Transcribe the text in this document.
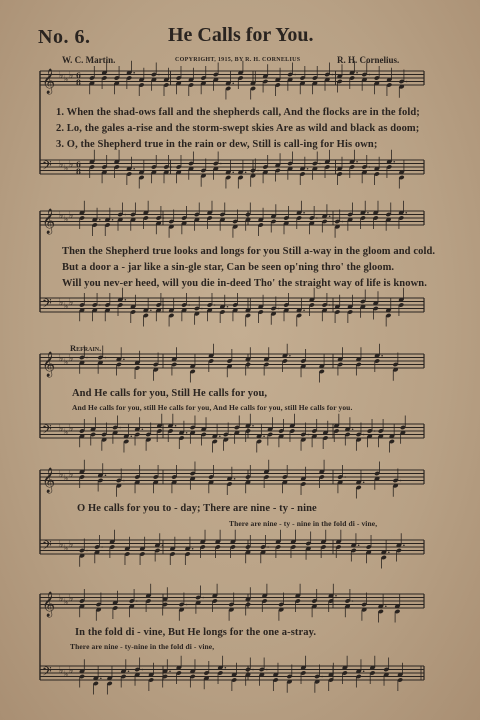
No. 6.	He Calls for You.
W. C. Martin.	COPYRIGHT, 1915, BY R. H. CORNELIUS	R. H. Cornelius.
𝄞 ♭ ♭ ♭ 6
8
𝄢 ♭ ♭ ♭ 6
8
𝄞 ♭ ♭ ♭
𝄢 ♭ ♭ ♭
𝄞 ♭ ♭ ♭
𝄢 ♭ ♭ ♭
𝄞 ♭ ♭ ♭
𝄢 ♭ ♭ ♭
𝄞 ♭ ♭ ♭
𝄢 ♭ ♭ ♭
1. When the shad-ows fall and the shepherds call, And the flocks are in the fold;
2. Lo, the gales a-rise and the storm-swept skies Are as wild and black as doom;
3. O, the Shepherd true in the rain or dew, Still is call-ing for His own;
Then the Shepherd true looks and longs for you Still a-way in the gloom and cold.
But a door a - jar like a sin-gle star, Can be seen op'ning thro' the gloom.
Will you nev-er heed, will you die in-deed Tho' the straight way of life is known.
Refrain.
And He calls for you, Still He calls for you,
And He calls for you, still He calls for you, And He calls for you, still He calls for you.
O He calls for you to - day; There are nine - ty - nine
There are nine - ty - nine in the fold di - vine,
In the fold di - vine, But He longs for the one a-stray.
There are nine - ty-nine in the fold di - vine,
